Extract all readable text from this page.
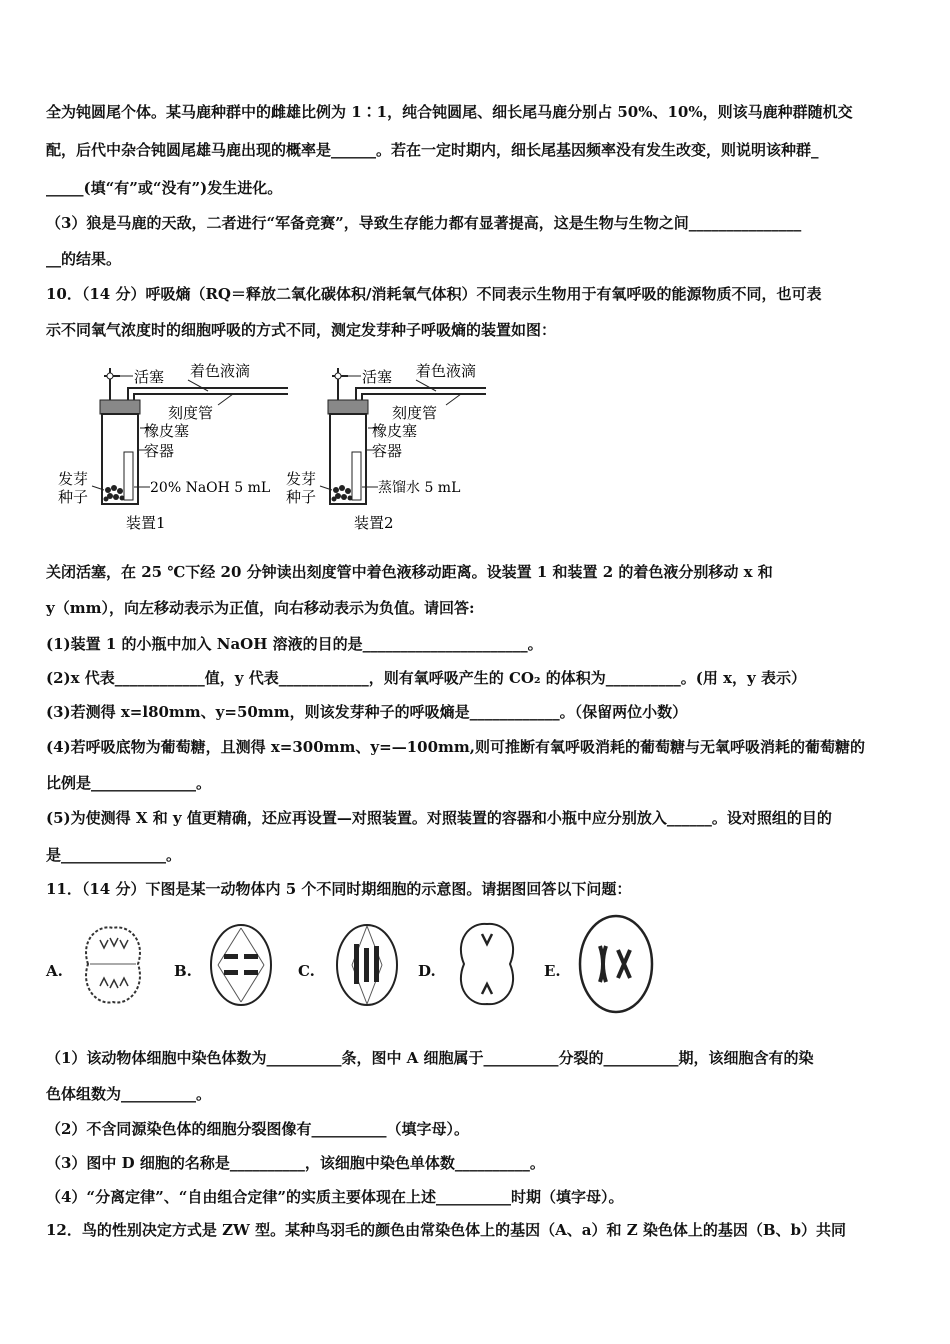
全为钝圆尾个体。某马鹿种群中的雌雄比例为 1∶1，纯合钝圆尾、细长尾马鹿分别占 50%、10%，则该马鹿种群随机交
配，后代中杂合钝圆尾雄马鹿出现的概率是______。若在一定时期内，细长尾基因频率没有发生改变，则说明该种群_
_____(填“有”或“没有”)发生进化。
（3）狼是马鹿的天敌，二者进行“军备竞赛”，导致生存能力都有显著提高，这是生物与生物之间_______________
__的结果。
10．（14 分）呼吸熵（RQ＝释放二氧化碳体积/消耗氧气体积）不同表示生物用于有氧呼吸的能源物质不同，也可表
示不同氧气浓度时的细胞呼吸的方式不同，测定发芽种子呼吸熵的装置如图：
活塞 着色液滴
刻度管
橡皮塞
容器
发芽
种子	20% NaOH 5 mL
装置1
活塞 着色液滴
刻度管
橡皮塞
容器
发芽
种子	蒸馏水 5 mL
装置2
关闭活塞，在 25 ℃下经 20 分钟读出刻度管中着色液移动距离。设装置 1 和装置 2 的着色液分别移动 x 和
y（mm），向左移动表示为正值，向右移动表示为负值。请回答:
(1)装置 1 的小瓶中加入 NaOH 溶液的目的是______________________。
(2)x 代表____________值，y 代表____________，则有氧呼吸产生的 CO₂ 的体积为__________。(用 x，y 表示）
(3)若测得 x=l80mm、y=50mm，则该发芽种子的呼吸熵是____________。（保留两位小数）
(4)若呼吸底物为葡萄糖，且测得 x=300mm、y=—100mm,则可推断有氧呼吸消耗的葡萄糖与无氧呼吸消耗的葡萄糖的
比例是______________。
(5)为使测得 X 和 y 值更精确，还应再设置—对照装置。对照装置的容器和小瓶中应分别放入______。设对照组的目的
是______________。
11．（14 分）下图是某一动物体内 5 个不同时期细胞的示意图。请据图回答以下问题：
A.	B.	C.	D.	E.
（1）该动物体细胞中染色体数为__________条，图中 A 细胞属于__________分裂的__________期，该细胞含有的染
色体组数为__________。
（2）不含同源染色体的细胞分裂图像有__________（填字母）。
（3）图中 D 细胞的名称是__________，该细胞中染色单体数__________。
（4）“分离定律”、“自由组合定律”的实质主要体现在上述__________时期（填字母）。
12．鸟的性别决定方式是 ZW 型。某种鸟羽毛的颜色由常染色体上的基因（A、a）和 Z 染色体上的基因（B、b）共同
